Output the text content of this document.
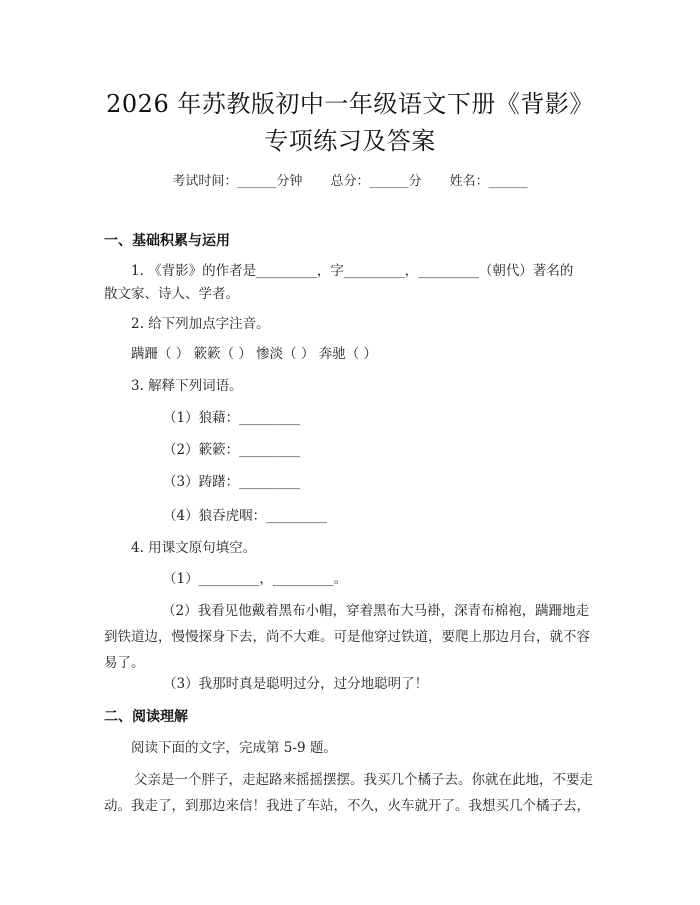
2026 年苏教版初中一年级语文下册《背影》
专项练习及答案
考试时间：______分钟 总分：______分 姓名：______
一、基础积累与运用
1. 《背影》的作者是_________，字_________，_________（朝代）著名的
散文家、诗人、学者。
2. 给下列加点字注音。
蹒跚（ ） 簌簌（ ） 惨淡（ ） 奔驰（ ）
3. 解释下列词语。
（1）狼藉：_________
（2）簌簌：_________
（3）踌躇：_________
（4）狼吞虎咽：_________
4. 用课文原句填空。
（1）_________，_________。
（2）我看见他戴着黑布小帽，穿着黑布大马褂，深青布棉袍，蹒跚地走到铁道边，慢慢探身下去，尚不大难。可是他穿过铁道，要爬上那边月台，就不容易了。
（3）我那时真是聪明过分，过分地聪明了！
二、阅读理解
阅读下面的文字，完成第 5-9 题。
父亲是一个胖子，走起路来摇摇摆摆。我买几个橘子去。你就在此地，不要走动。我走了，到那边来信！我进了车站，不久，火车就开了。我想买几个橘子去，
